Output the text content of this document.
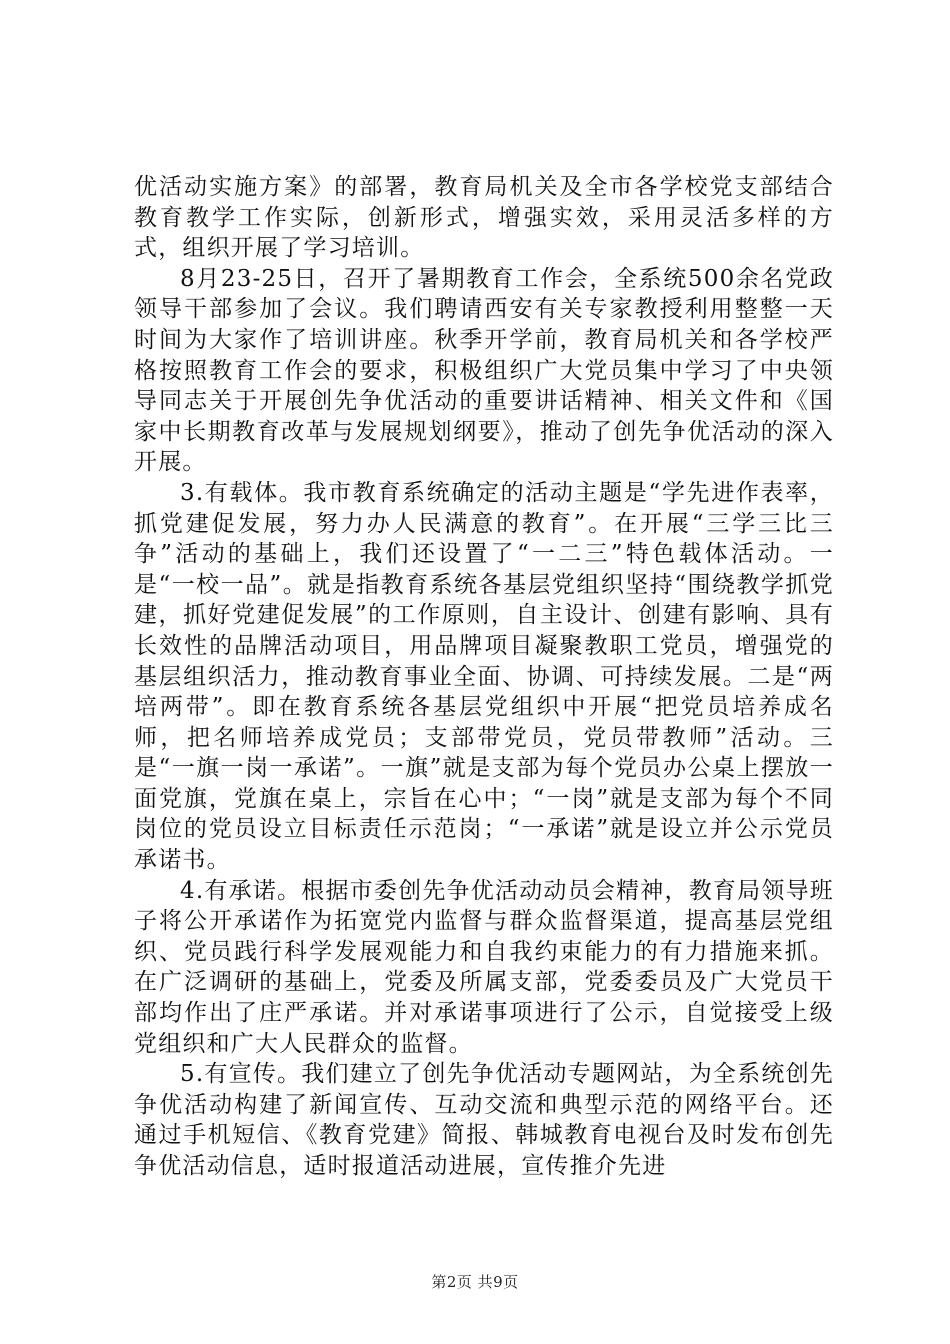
优活动实施方案》的部署，教育局机关及全市各学校党支部结合教育教学工作实际，创新形式，增强实效，采用灵活多样的方式，组织开展了学习培训。

8月23-25日，召开了暑期教育工作会，全系统500余名党政领导干部参加了会议。我们聘请西安有关专家教授利用整整一天时间为大家作了培训讲座。秋季开学前，教育局机关和各学校严格按照教育工作会的要求，积极组织广大党员集中学习了中央领导同志关于开展创先争优活动的重要讲话精神、相关文件和《国家中长期教育改革与发展规划纲要》，推动了创先争优活动的深入开展。

3.有载体。我市教育系统确定的活动主题是“学先进作表率，抓党建促发展，努力办人民满意的教育”。在开展“三学三比三争”活动的基础上，我们还设置了“一二三”特色载体活动。一是“一校一品”。就是指教育系统各基层党组织坚持“围绕教学抓党建，抓好党建促发展”的工作原则，自主设计、创建有影响、具有长效性的品牌活动项目，用品牌项目凝聚教职工党员，增强党的基层组织活力，推动教育事业全面、协调、可持续发展。二是“两培两带”。即在教育系统各基层党组织中开展“把党员培养成名师，把名师培养成党员；支部带党员，党员带教师”活动。三是“一旗一岗一承诺”。一旗”就是支部为每个党员办公桌上摆放一面党旗，党旗在桌上，宗旨在心中；“一岗”就是支部为每个不同岗位的党员设立目标责任示范岗；“一承诺”就是设立并公示党员承诺书。

4.有承诺。根据市委创先争优活动动员会精神，教育局领导班子将公开承诺作为拓宽党内监督与群众监督渠道，提高基层党组织、党员践行科学发展观能力和自我约束能力的有力措施来抓。在广泛调研的基础上，党委及所属支部，党委委员及广大党员干部均作出了庄严承诺。并对承诺事项进行了公示，自觉接受上级党组织和广大人民群众的监督。

5.有宣传。我们建立了创先争优活动专题网站，为全系统创先争优活动构建了新闻宣传、互动交流和典型示范的网络平台。还通过手机短信、《教育党建》简报、韩城教育电视台及时发布创先争优活动信息，适时报道活动进展，宣传推介先进

第2页 共9页
